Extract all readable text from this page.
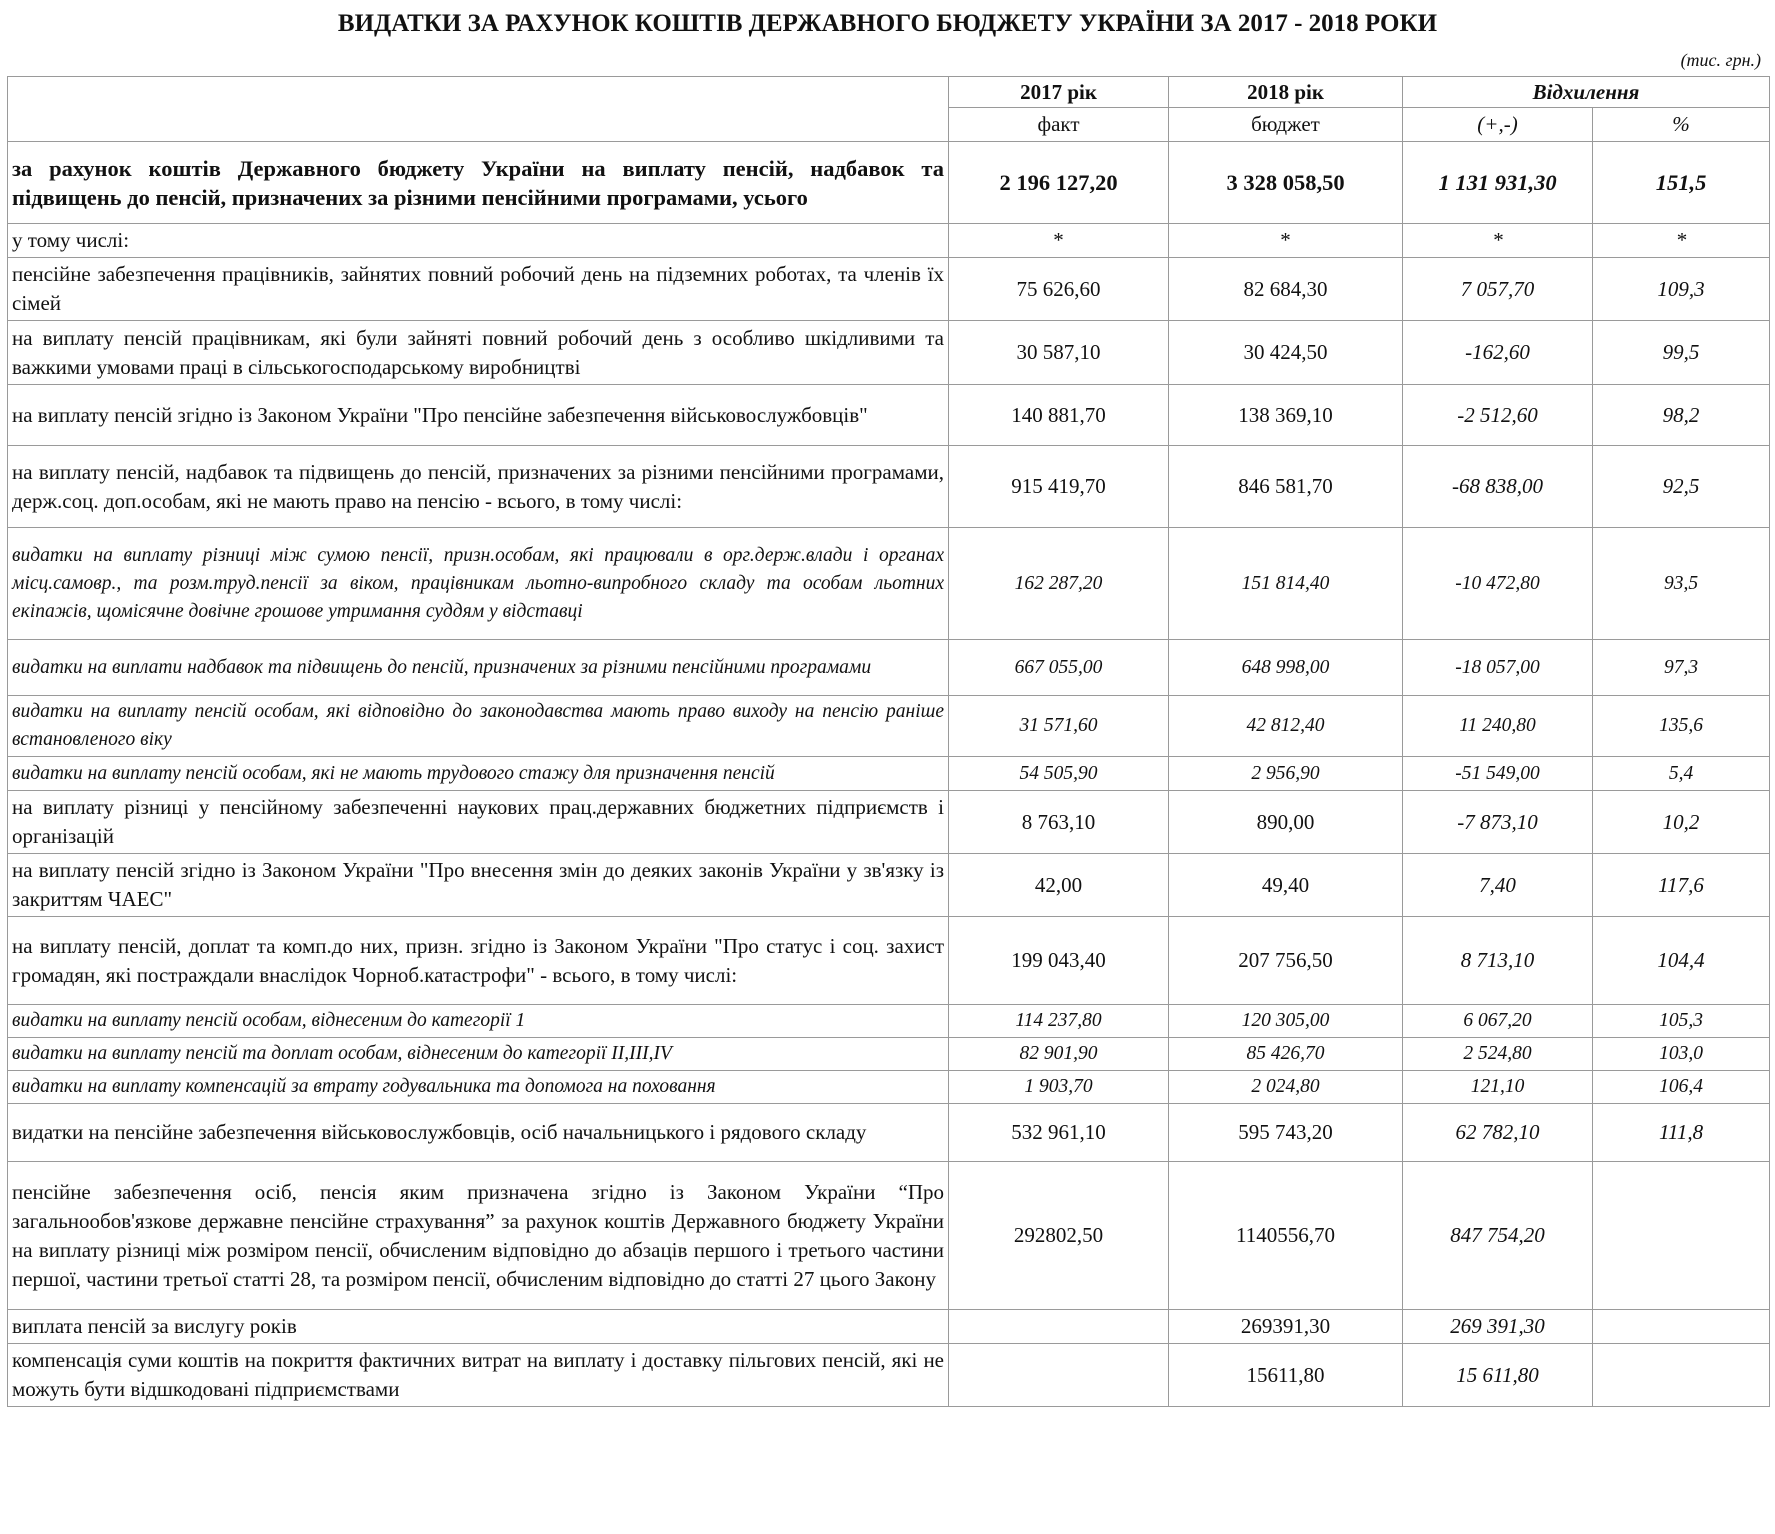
ВИДАТКИ ЗА РАХУНОК КОШТІВ ДЕРЖАВНОГО БЮДЖЕТУ УКРАЇНИ ЗА 2017 - 2018 РОКИ
(тис. грн.)
	2017 рік	2018 рік	Відхилення	
	факт	бюджет	(+,-)	%
за рахунок коштів Державного бюджету України на виплату пенсій, надбавок та підвищень до пенсій, призначених за різними пенсійними програмами, усього	2 196 127,20	3 328 058,50	1 131 931,30	151,5
у тому числі:	*	*	*	*
пенсійне забезпечення працівників, зайнятих повний робочий день на підземних роботах, та членів їх сімей	75 626,60	82 684,30	7 057,70	109,3
на виплату пенсій працівникам, які були зайняті повний робочий день з особливо шкідливими та важкими умовами праці в сільськогосподарському виробництві	30 587,10	30 424,50	-162,60	99,5
на виплату пенсій згідно із Законом України "Про пенсійне забезпечення військовослужбовців"	140 881,70	138 369,10	-2 512,60	98,2
на виплату пенсій, надбавок та підвищень до пенсій, призначених за різними пенсійними програмами, держ.соц. доп.особам, які не мають право на пенсію - всього, в тому числі:	915 419,70	846 581,70	-68 838,00	92,5
видатки на виплату різниці між сумою пенсії, призн.особам, які працювали в орг.держ.влади і органах місц.самовр., та розм.труд.пенсії за віком, працівникам льотно-випробного складу та особам льотних екіпажів, щомісячне довічне грошове утримання суддям у відставці	162 287,20	151 814,40	-10 472,80	93,5
видатки на виплати надбавок та підвищень до пенсій, призначених за різними пенсійними програмами	667 055,00	648 998,00	-18 057,00	97,3
видатки на виплату пенсій особам, які відповідно до законодавства мають право виходу на пенсію раніше встановленого віку	31 571,60	42 812,40	11 240,80	135,6
видатки на виплату пенсій особам, які не мають трудового стажу для призначення пенсій	54 505,90	2 956,90	-51 549,00	5,4
на виплату різниці у пенсійному забезпеченні наукових прац.державних бюджетних підприємств і організацій	8 763,10	890,00	-7 873,10	10,2
на виплату пенсій згідно із Законом України "Про внесення змін до деяких законів України у зв'язку із закриттям ЧАЕС"	42,00	49,40	7,40	117,6
на виплату пенсій, доплат та комп.до них, призн. згідно із Законом України "Про статус і соц. захист громадян, які постраждали внаслідок Чорноб.катастрофи" - всього, в тому числі:	199 043,40	207 756,50	8 713,10	104,4
видатки на виплату пенсій особам, віднесеним до категорії 1	114 237,80	120 305,00	6 067,20	105,3
видатки на виплату пенсій та доплат особам, віднесеним до категорії II,III,IV	82 901,90	85 426,70	2 524,80	103,0
видатки на виплату компенсацій за втрату годувальника та допомога на поховання	1 903,70	2 024,80	121,10	106,4
видатки на пенсійне забезпечення військовослужбовців, осіб начальницького і рядового складу	532 961,10	595 743,20	62 782,10	111,8
пенсійне забезпечення осіб, пенсія яким призначена згідно із Законом України “Про загальнообов'язкове державне пенсійне страхування” за рахунок коштів Державного бюджету України на виплату різниці між розміром пенсії, обчисленим відповідно до абзаців першого і третього частини першої, частини третьої статті 28, та розміром пенсії, обчисленим відповідно до статті 27 цього Закону	292802,50	1140556,70	847 754,20	
виплата пенсій за вислугу років		269391,30	269 391,30	
компенсація суми коштів на покриття фактичних витрат на виплату і доставку пільгових пенсій, які не можуть бути відшкодовані підприємствами		15611,80	15 611,80	
